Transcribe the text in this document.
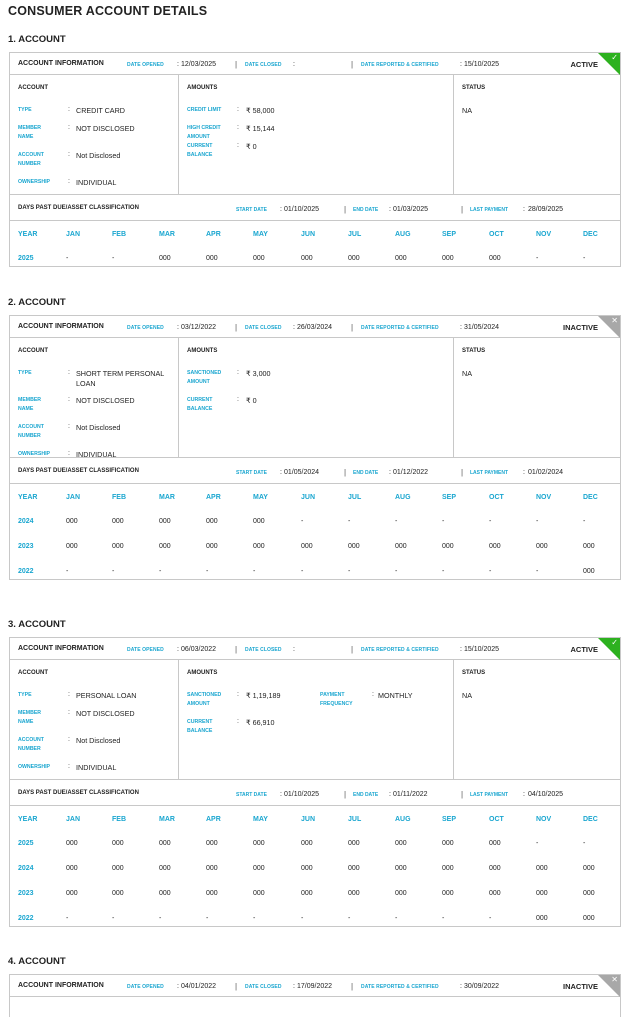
CONSUMER ACCOUNT DETAILS
1. ACCOUNT
ACCOUNT INFORMATION	DATE OPENED : 12/03/2025 | DATE CLOSED :	| DATE REPORTED & CERTIFIED	: 15/10/2025	ACTIVE
✓
ACCOUNT	AMOUNTS	STATUS
TYPE	: CREDIT CARD
MEMBER
NAME
: NOT DISCLOSED
ACCOUNT
NUMBER
: Not Disclosed
OWNERSHIP	: INDIVIDUAL
CREDIT LIMIT : ₹ 58,000
HIGH CREDIT
AMOUNT
: ₹ 15,144
CURRENT
BALANCE
: ₹ 0
NA
DAYS PAST DUE/ASSET CLASSIFICATION	START DATE : 01/10/2025	| END DATE : 01/03/2025	| LAST PAYMENT : 28/09/2025
YEAR	JAN	FEB	MAR	APR	MAY	JUN	JUL	AUG	SEP	OCT	NOV	DEC
2025	-	-	000	000	000	000	000	000	000	000	-	-
2. ACCOUNT
ACCOUNT INFORMATION	DATE OPENED : 03/12/2022 | DATE CLOSED : 26/03/2024 | DATE REPORTED & CERTIFIED	: 31/05/2024	INACTIVE
✕
ACCOUNT	AMOUNTS	STATUS
TYPE	: SHORT TERM PERSONAL
LOAN
MEMBER
NAME
: NOT DISCLOSED
ACCOUNT
NUMBER
: Not Disclosed
OWNERSHIP	: INDIVIDUAL
SANCTIONED
AMOUNT
: ₹ 3,000
CURRENT
BALANCE
: ₹ 0
NA
DAYS PAST DUE/ASSET CLASSIFICATION	START DATE : 01/05/2024	| END DATE : 01/12/2022	| LAST PAYMENT : 01/02/2024
YEAR	JAN	FEB	MAR	APR	MAY	JUN	JUL	AUG	SEP	OCT	NOV	DEC
2024	000	000	000	000	000	-	-	-	-	-	-	-
2023	000	000	000	000	000	000	000	000	000	000	000	000
2022	-	-	-	-	-	-	-	-	-	-	-	000
3. ACCOUNT
ACCOUNT INFORMATION	DATE OPENED : 06/03/2022 | DATE CLOSED :	| DATE REPORTED & CERTIFIED	: 15/10/2025	ACTIVE
✓
ACCOUNT	AMOUNTS	STATUS
TYPE	: PERSONAL LOAN
MEMBER
NAME
: NOT DISCLOSED
ACCOUNT
NUMBER
: Not Disclosed
OWNERSHIP	: INDIVIDUAL
SANCTIONED
AMOUNT
: ₹ 1,19,189
CURRENT
BALANCE
: ₹ 66,910
PAYMENT
FREQUENCY
: MONTHLY	NA
DAYS PAST DUE/ASSET CLASSIFICATION	START DATE : 01/10/2025	| END DATE : 01/11/2022	| LAST PAYMENT : 04/10/2025
YEAR	JAN	FEB	MAR	APR	MAY	JUN	JUL	AUG	SEP	OCT	NOV	DEC
2025	000	000	000	000	000	000	000	000	000	000	-	-
2024	000	000	000	000	000	000	000	000	000	000	000	000
2023	000	000	000	000	000	000	000	000	000	000	000	000
2022	-	-	-	-	-	-	-	-	-	-	000	000
4. ACCOUNT
ACCOUNT INFORMATION	DATE OPENED : 04/01/2022 | DATE CLOSED : 17/09/2022 | DATE REPORTED & CERTIFIED	: 30/09/2022	INACTIVE
✕
